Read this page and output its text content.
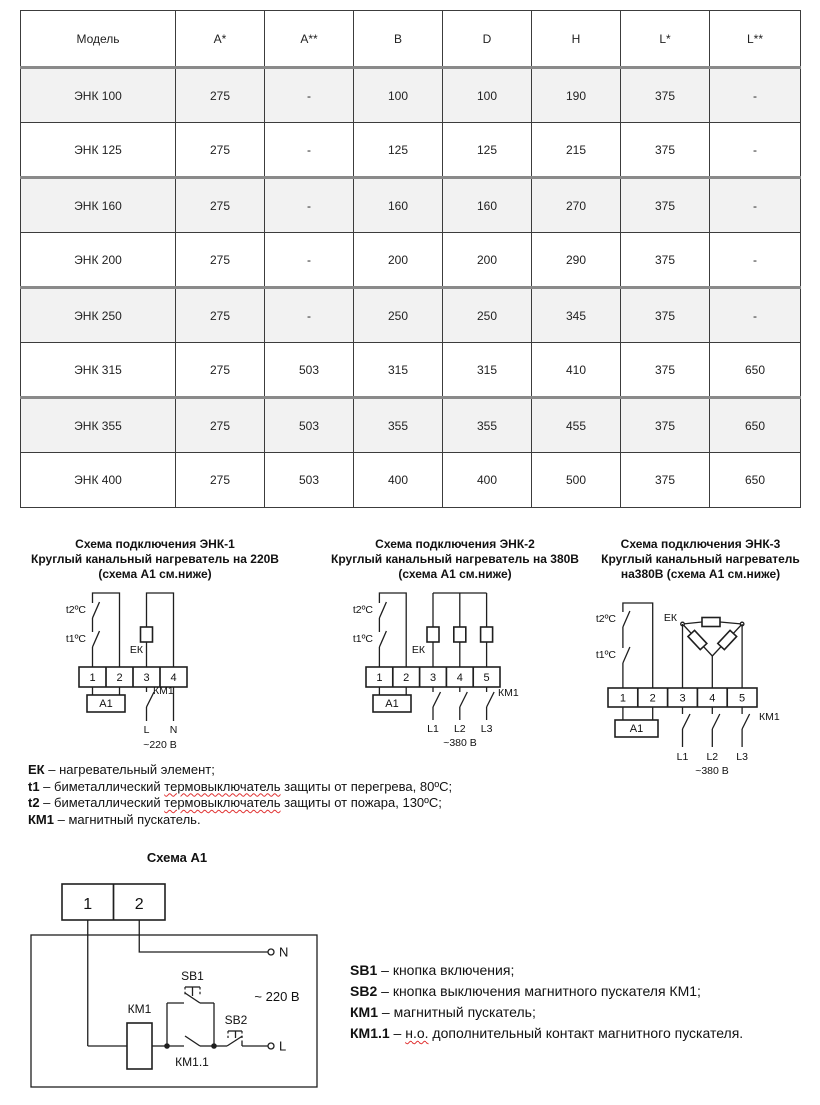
Модель	A*	A**	B	D	H	L*	L**
ЭНК 100	275	-	100	100	190	375	-
ЭНК 125	275	-	125	125	215	375	-
ЭНК 160	275	-	160	160	270	375	-
ЭНК 200	275	-	200	200	290	375	-
ЭНК 250	275	-	250	250	345	375	-
ЭНК 315	275	503	315	315	410	375	650
ЭНК 355	275	503	355	355	455	375	650
ЭНК 400	275	503	400	400	500	375	650
Схема подключения ЭНК-1
Круглый канальный нагреватель на 220В
(схема А1 см.ниже)
Схема подключения ЭНК-2
Круглый канальный нагреватель на 380В
(схема А1 см.ниже)
Схема подключения ЭНК-3
Круглый канальный нагреватель
на380В (схема А1 см.ниже)
t2ºС
t1ºС
ЕК
1 2 3 4
А1
КМ1
L N
~220 В
t2ºС
t1ºС
ЕК
1 2 3 4 5
А1
КМ1
L1 L2 L3
~380 В
t2ºС
t1ºС
ЕК
1 2 3 4 5
А1
КМ1
L1 L2 L3
~380 В
ЕК – нагревательный элемент;
t1 – биметаллический термовыключатель защиты от перегрева, 80ºС;
t2 – биметаллический термовыключатель защиты от пожара, 130ºС;
КМ1 – магнитный пускатель.
Схема А1
1	2
N
КМ1
КМ1.1
SB1
SB2
L
~ 220 В
SB1 – кнопка включения;
SB2 – кнопка выключения магнитного пускателя КМ1;
КМ1 – магнитный пускатель;
КМ1.1 – н.о. дополнительный контакт магнитного пускателя.
